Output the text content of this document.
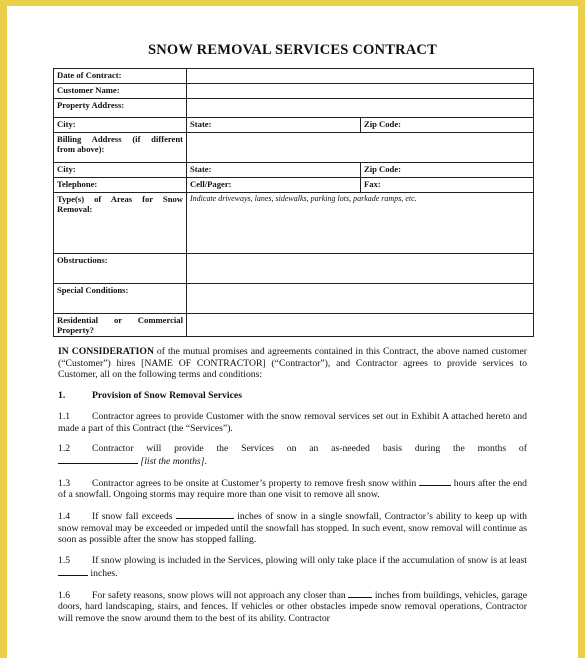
SNOW REMOVAL SERVICES CONTRACT
Date of Contract:		
Customer Name:		
Property Address:		
City:	State:	Zip Code:

Billing Address (if different
from above):		

City:	State:	Zip Code:
Telephone:	Cell/Pager:	Fax:

Type(s) of Areas for Snow
Removal:	Indicate driveways, lanes, sidewalks, parking lots, parkade ramps, etc.	
Obstructions:		
Special Conditions:		

Residential or Commercial
Property?		

IN CONSIDERATION of the mutual promises and agreements contained in this Contract, the above named customer (“Customer”) hires [NAME OF CONTRACTOR] (“Contractor”), and Contractor agrees to provide services to Customer, all on the following terms and conditions:

1.	Provision of Snow Removal Services

1.1 Contractor agrees to provide Customer with the snow removal services set out in Exhibit A attached hereto and made a part of this Contract (the “Services”).

1.2 Contractor will provide the Services on an as-needed basis during the months of

[list the months].

1.3 Contractor agrees to be onsite at Customer’s property to remove fresh snow within	hours after the end of a snowfall. Ongoing storms may require more than one visit to remove all snow.

1.4 If snow fall exceeds	inches of snow in a single snowfall, Contractor’s ability to keep up with snow removal may be exceeded or impeded until the snowfall has stopped. In such event, snow removal will continue as soon as possible after the snow has stopped falling.

1.5 If snow plowing is included in the Services, plowing will only take place if the accumulation of snow is at least  inches.

1.6 For safety reasons, snow plows will not approach any closer than	inches from buildings, vehicles, garage doors, hard landscaping, stairs, and fences. If vehicles or other obstacles impede snow removal operations, Contractor will remove the snow around them to the best of its ability. Contractor
